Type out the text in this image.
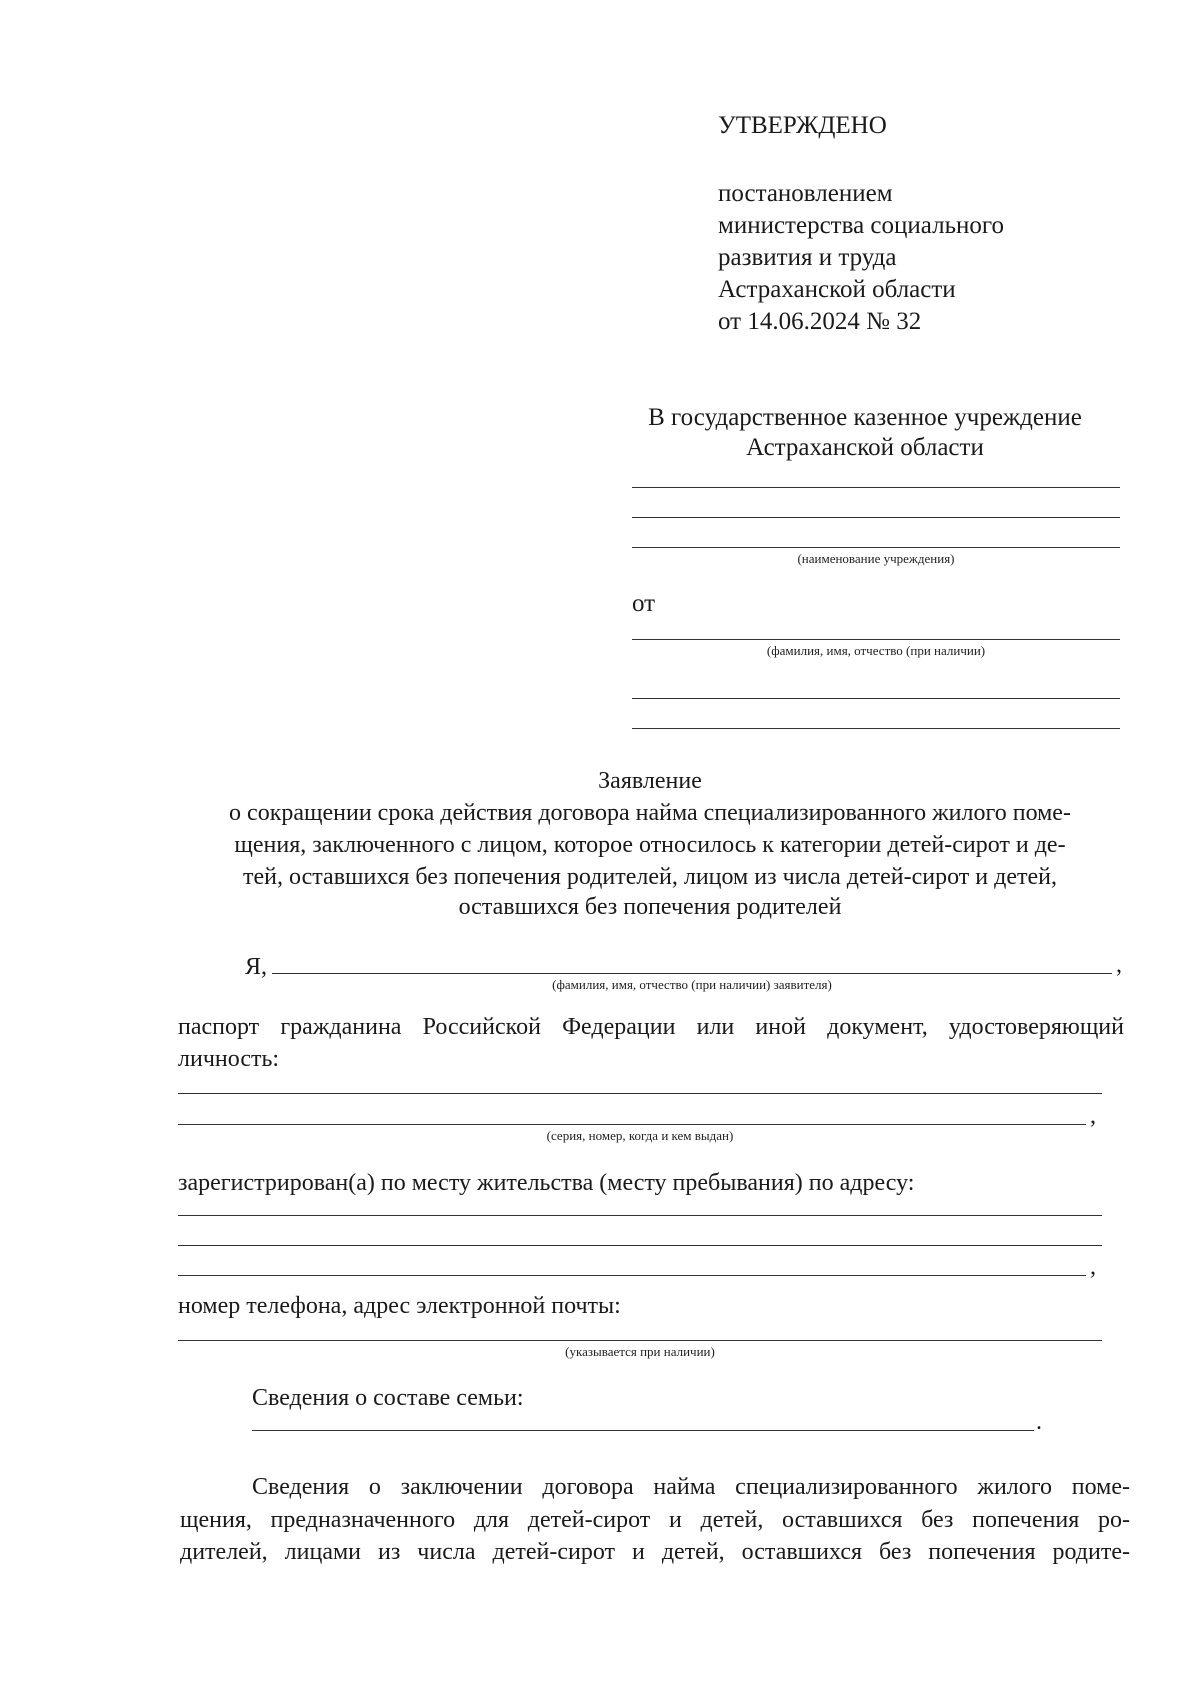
УТВЕРЖДЕНО
постановлением
министерства социального
развития и труда
Астраханской области
от 14.06.2024 № 32
В государственное казенное учреждение
Астраханской области
(наименование учреждения)
от
(фамилия, имя, отчество (при наличии)
Заявление
о сокращении срока действия договора найма специализированного жилого поме-
щения, заключенного с лицом, которое относилось к категории детей-сирот и де-
тей, оставшихся без попечения родителей, лицом из числа детей-сирот и детей,
оставшихся без попечения родителей
Я,	,
(фамилия, имя, отчество (при наличии) заявителя)
паспорт гражданина Российской Федерации или иной документ, удостоверяющий
личность:
,
(серия, номер, когда и кем выдан)
зарегистрирован(а) по месту жительства (месту пребывания) по адресу:
,
номер телефона, адрес электронной почты:
(указывается при наличии)
Сведения о составе семьи:
.
Сведения о заключении договора найма специализированного жилого поме-
щения, предназначенного для детей-сирот и детей, оставшихся без попечения ро-
дителей, лицами из числа детей-сирот и детей, оставшихся без попечения родите-
